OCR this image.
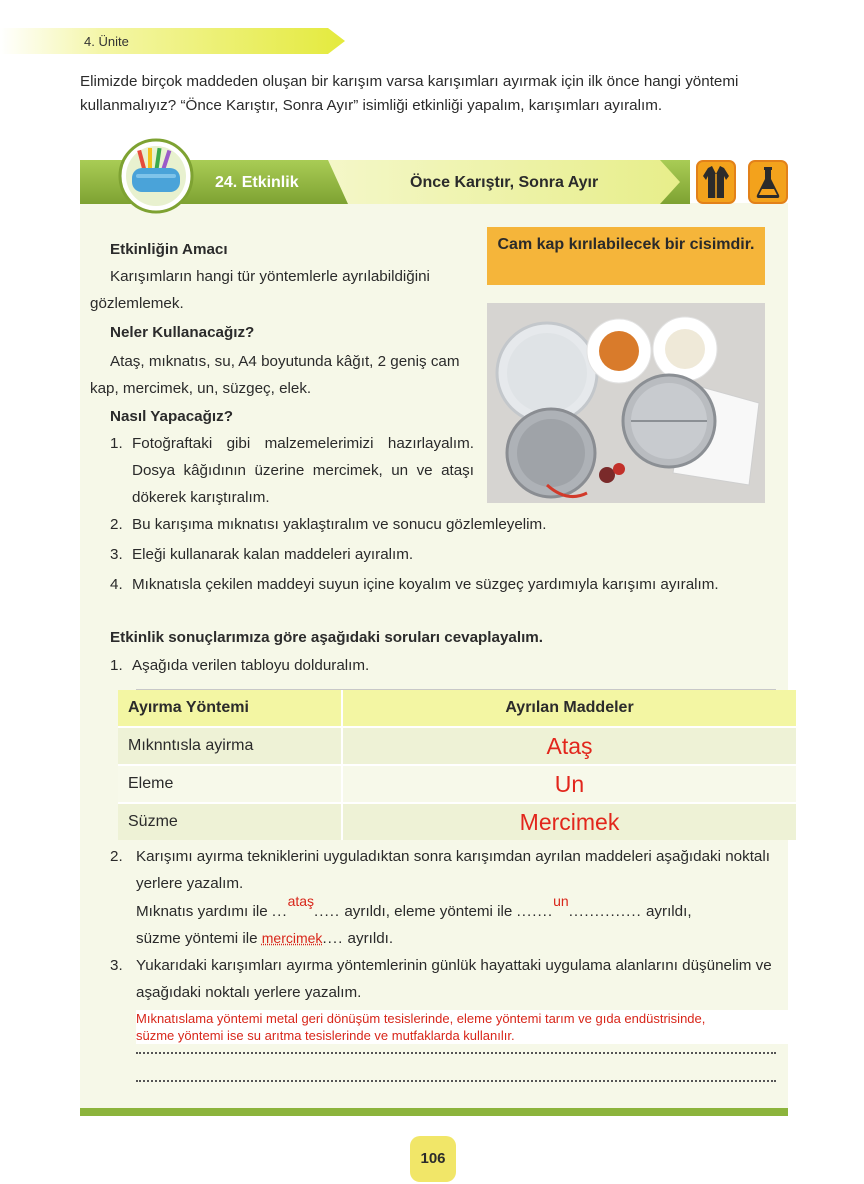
4. Ünite
Elimizde birçok maddeden oluşan bir karışım varsa karışımları ayırmak için ilk önce hangi yöntemi kullanmalıyız? “Önce Karıştır, Sonra Ayır” isimliği etkinliği yapalım, karışımları ayıralım.
24. Etkinlik	Önce Karıştır, Sonra Ayır
Cam kap kırılabilecek bir cisimdir.
Etkinliğin Amacı
Karışımların hangi tür yöntemlerle ayrılabildiğini gözlemlemek.
Neler Kullanacağız?
Ataş, mıknatıs, su, A4 boyutunda kâğıt, 2 geniş cam kap, mercimek, un, süzgeç, elek.
Nasıl Yapacağız?
1. Fotoğraftaki gibi malzemelerimizi hazırlayalım. Dosya kâğıdının üzerine mercimek, un ve ataşı dökerek karıştıralım.
2. Bu karışıma mıknatısı yaklaştıralım ve sonucu gözlemleyelim.
3. Eleği kullanarak kalan maddeleri ayıralım.
4. Mıknatısla çekilen maddeyi suyun içine koyalım ve süzgeç yardımıyla karışımı ayıralım.
Etkinlik sonuçlarımıza göre aşağıdaki soruları cevaplayalım.
1. Aşağıda verilen tabloyu dolduralım.
Ayırma Yöntemi	Ayrılan Maddeler
Mıknntısla ayirma	Ataş
Eleme	Un
Süzme	Mercimek
2. Karışımı ayırma tekniklerini uyguladıktan sonra karışımdan ayrılan maddeleri aşağıdaki noktalı yerlere yazalım.
Mıknatıs yardımı ile ...ataş..... ayrıldı, eleme yöntemi ile .......un.............. ayrıldı,
süzme yöntemi ile mercimek.... ayrıldı.
3. Yukarıdaki karışımları ayırma yöntemlerinin günlük hayattaki uygulama alanlarını düşünelim ve aşağıdaki noktalı yerlere yazalım.
Mıknatıslama yöntemi metal geri dönüşüm tesislerinde, eleme yöntemi tarım ve gıda endüstrisinde,
süzme yöntemi ise su arıtma tesislerinde ve mutfaklarda kullanılır.
106
